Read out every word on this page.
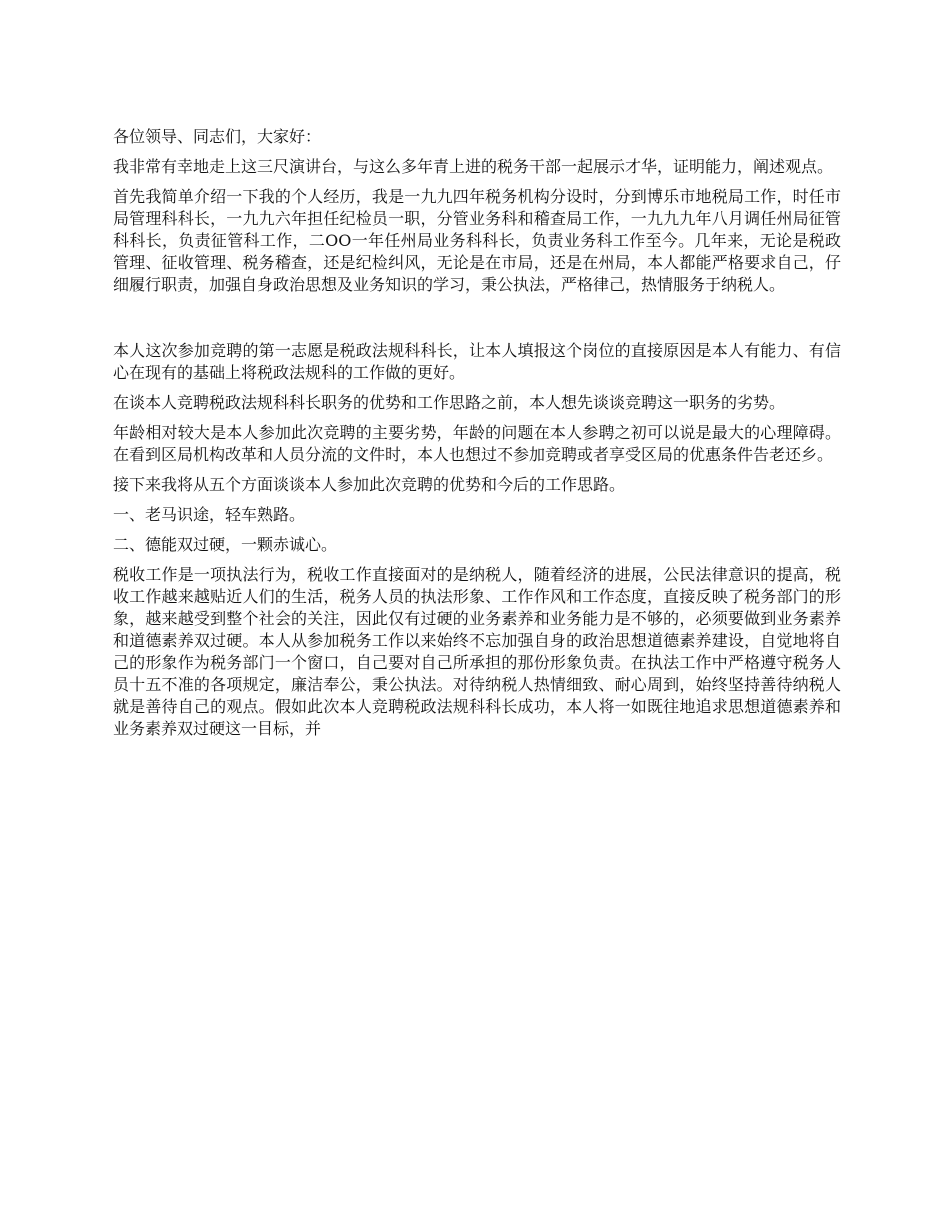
各位领导、同志们，大家好：

我非常有幸地走上这三尺演讲台，与这么多年青上进的税务干部一起展示才华，证明能力，阐述观点。

首先我简单介绍一下我的个人经历，我是一九九四年税务机构分设时，分到博乐市地税局工作，时任市局管理科科长，一九九六年担任纪检员一职，分管业务科和稽查局工作，一九九九年八月调任州局征管科科长，负责征管科工作，二OO一年任州局业务科科长，负责业务科工作至今。几年来，无论是税政管理、征收管理、税务稽查，还是纪检纠风，无论是在市局，还是在州局，本人都能严格要求自己，仔细履行职责，加强自身政治思想及业务知识的学习，秉公执法，严格律己，热情服务于纳税人。

本人这次参加竞聘的第一志愿是税政法规科科长，让本人填报这个岗位的直接原因是本人有能力、有信心在现有的基础上将税政法规科的工作做的更好。

在谈本人竞聘税政法规科科长职务的优势和工作思路之前，本人想先谈谈竞聘这一职务的劣势。

年龄相对较大是本人参加此次竞聘的主要劣势，年龄的问题在本人参聘之初可以说是最大的心理障碍。在看到区局机构改革和人员分流的文件时，本人也想过不参加竞聘或者享受区局的优惠条件告老还乡。

接下来我将从五个方面谈谈本人参加此次竞聘的优势和今后的工作思路。

一、老马识途，轻车熟路。

二、德能双过硬，一颗赤诚心。

税收工作是一项执法行为，税收工作直接面对的是纳税人，随着经济的进展，公民法律意识的提高，税收工作越来越贴近人们的生活，税务人员的执法形象、工作作风和工作态度，直接反映了税务部门的形象，越来越受到整个社会的关注，因此仅有过硬的业务素养和业务能力是不够的，必须要做到业务素养和道德素养双过硬。本人从参加税务工作以来始终不忘加强自身的政治思想道德素养建设，自觉地将自己的形象作为税务部门一个窗口，自己要对自己所承担的那份形象负责。在执法工作中严格遵守税务人员十五不准的各项规定，廉洁奉公，秉公执法。对待纳税人热情细致、耐心周到，始终坚持善待纳税人就是善待自己的观点。假如此次本人竞聘税政法规科科长成功，本人将一如既往地追求思想道德素养和业务素养双过硬这一目标，并
